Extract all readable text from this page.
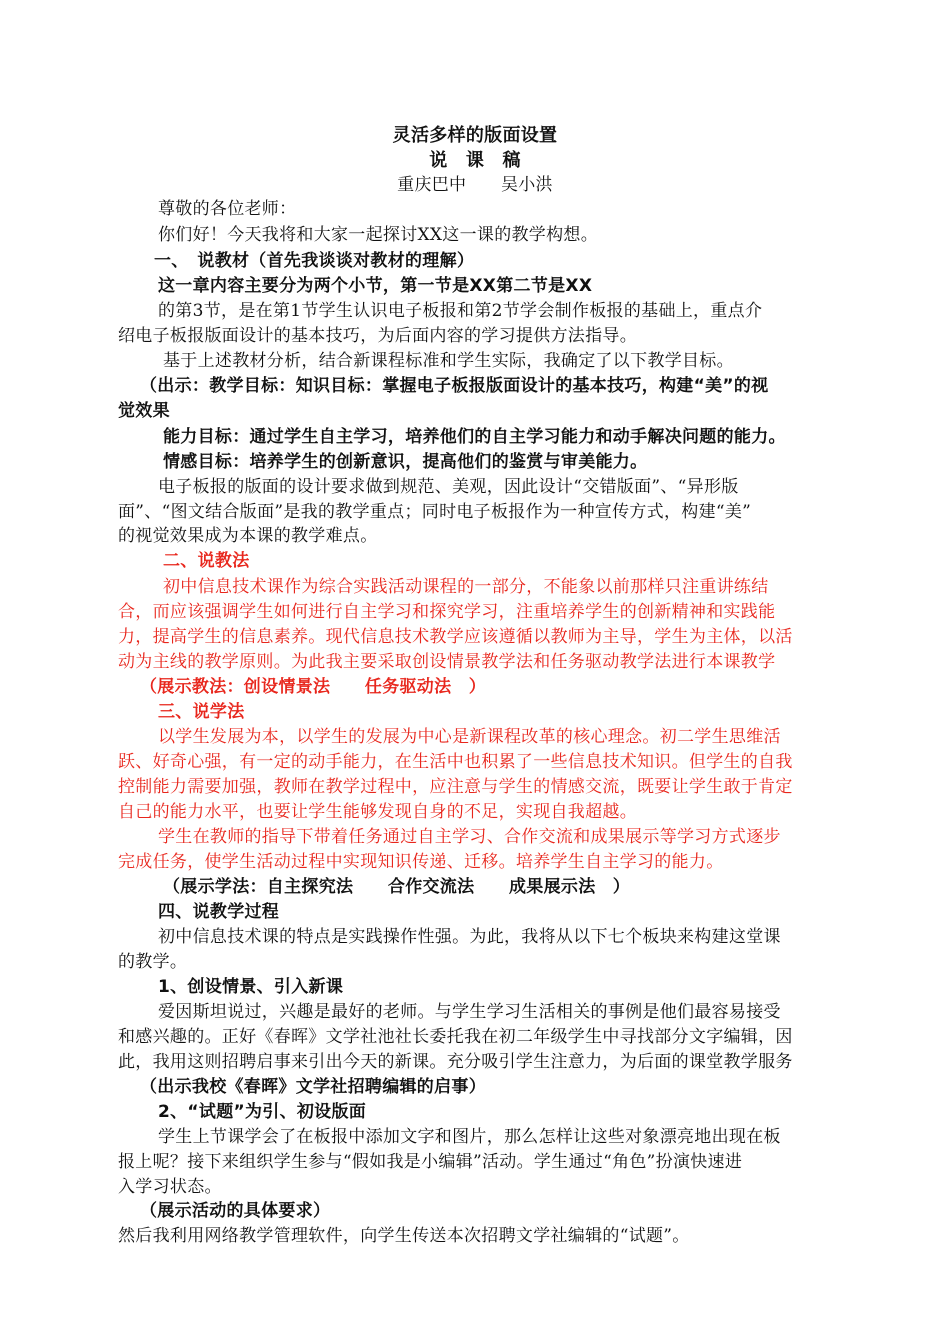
灵活多样的版面设置
说　课　稿
重庆巴中　　吴小洪
尊敬的各位老师：
你们好！今天我将和大家一起探讨XX这一课的教学构想。
一、　说教材（首先我谈谈对教材的理解）
这一章内容主要分为两个小节，第一节是XX第二节是XX
的第3节，是在第1节学生认识电子板报和第2节学会制作板报的基础上，重点介
绍电子板报版面设计的基本技巧，为后面内容的学习提供方法指导。
基于上述教材分析，结合新课程标准和学生实际，我确定了以下教学目标。
（出示：教学目标：知识目标：掌握电子板报版面设计的基本技巧，构建“美”的视
觉效果
能力目标：通过学生自主学习，培养他们的自主学习能力和动手解决问题的能力。
情感目标：培养学生的创新意识，提高他们的鉴赏与审美能力。
电子板报的版面的设计要求做到规范、美观，因此设计“交错版面”、“异形版
面”、“图文结合版面”是我的教学重点；同时电子板报作为一种宣传方式，构建“美”
的视觉效果成为本课的教学难点。
二、说教法
初中信息技术课作为综合实践活动课程的一部分，不能象以前那样只注重讲练结
合，而应该强调学生如何进行自主学习和探究学习，注重培养学生的创新精神和实践能
力，提高学生的信息素养。现代信息技术教学应该遵循以教师为主导，学生为主体，以活
动为主线的教学原则。为此我主要采取创设情景教学法和任务驱动教学法进行本课教学
（展示教法：创设情景法　　任务驱动法　）
三、说学法
以学生发展为本，以学生的发展为中心是新课程改革的核心理念。初二学生思维活
跃、好奇心强，有一定的动手能力，在生活中也积累了一些信息技术知识。但学生的自我
控制能力需要加强，教师在教学过程中，应注意与学生的情感交流，既要让学生敢于肯定
自己的能力水平，也要让学生能够发现自身的不足，实现自我超越。
学生在教师的指导下带着任务通过自主学习、合作交流和成果展示等学习方式逐步
完成任务，使学生活动过程中实现知识传递、迁移。培养学生自主学习的能力。
（展示学法：自主探究法　　合作交流法　　成果展示法　）
四、说教学过程
初中信息技术课的特点是实践操作性强。为此，我将从以下七个板块来构建这堂课
的教学。
1、创设情景、引入新课
爱因斯坦说过，兴趣是最好的老师。与学生学习生活相关的事例是他们最容易接受
和感兴趣的。正好《春晖》文学社池社长委托我在初二年级学生中寻找部分文字编辑，因
此，我用这则招聘启事来引出今天的新课。充分吸引学生注意力，为后面的课堂教学服务
（出示我校《春晖》文学社招聘编辑的启事）
2、“试题”为引、初设版面
学生上节课学会了在板报中添加文字和图片，那么怎样让这些对象漂亮地出现在板
报上呢？接下来组织学生参与“假如我是小编辑”活动。学生通过“角色”扮演快速进
入学习状态。
（展示活动的具体要求）
然后我利用网络教学管理软件，向学生传送本次招聘文学社编辑的“试题”。
